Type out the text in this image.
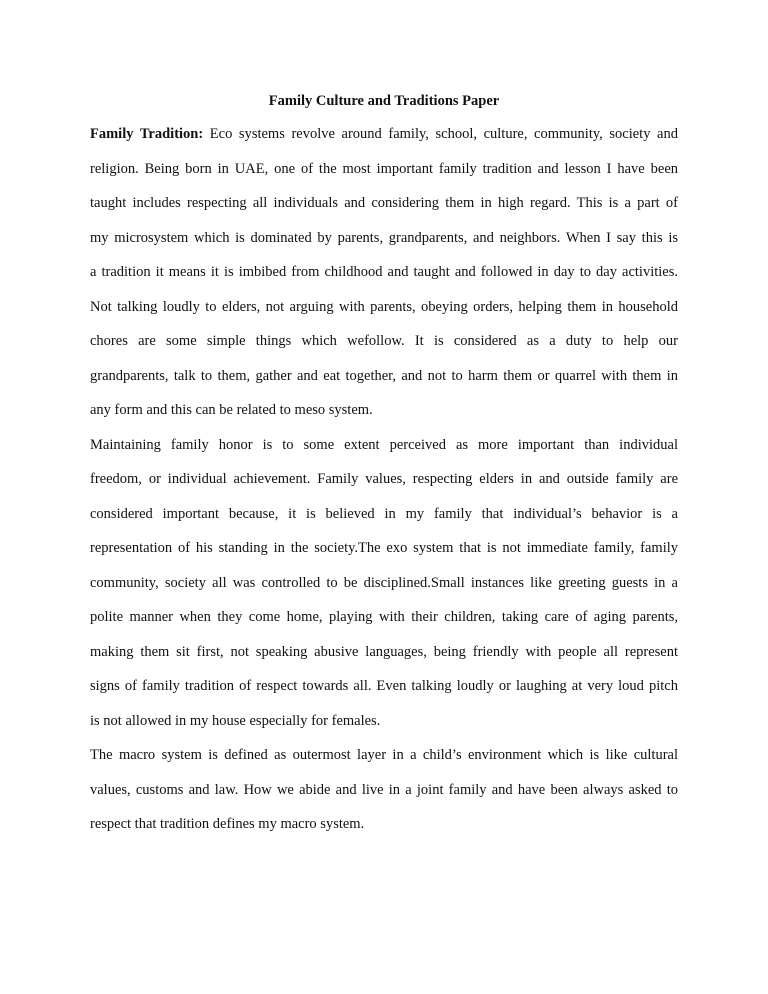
Family Culture and Traditions Paper
Family Tradition: Eco systems revolve around family, school, culture, community, society and
religion. Being born in UAE, one of the most important family tradition and lesson I have been
taught includes respecting all individuals and considering them in high regard. This is a part of
my microsystem which is dominated by parents, grandparents, and neighbors. When I say this is
a tradition it means it is imbibed from childhood and taught and followed in day to day activities.
Not talking loudly to elders, not arguing with parents, obeying orders, helping them in household
chores are some simple things which wefollow. It is considered as a duty to help our
grandparents, talk to them, gather and eat together, and not to harm them or quarrel with them in
any form and this can be related to meso system.
Maintaining family honor is to some extent perceived as more important than individual
freedom, or individual achievement. Family values, respecting elders in and outside family are
considered important because, it is believed in my family that individual’s behavior is a
representation of his standing in the society.The exo system that is not immediate family, family
community, society all was controlled to be disciplined.Small instances like greeting guests in a
polite manner when they come home, playing with their children, taking care of aging parents,
making them sit first, not speaking abusive languages, being friendly with people all represent
signs of family tradition of respect towards all. Even talking loudly or laughing at very loud pitch
is not allowed in my house especially for females.
The macro system is defined as outermost layer in a child’s environment which is like cultural
values, customs and law. How we abide and live in a joint family and have been always asked to
respect that tradition defines my macro system.
